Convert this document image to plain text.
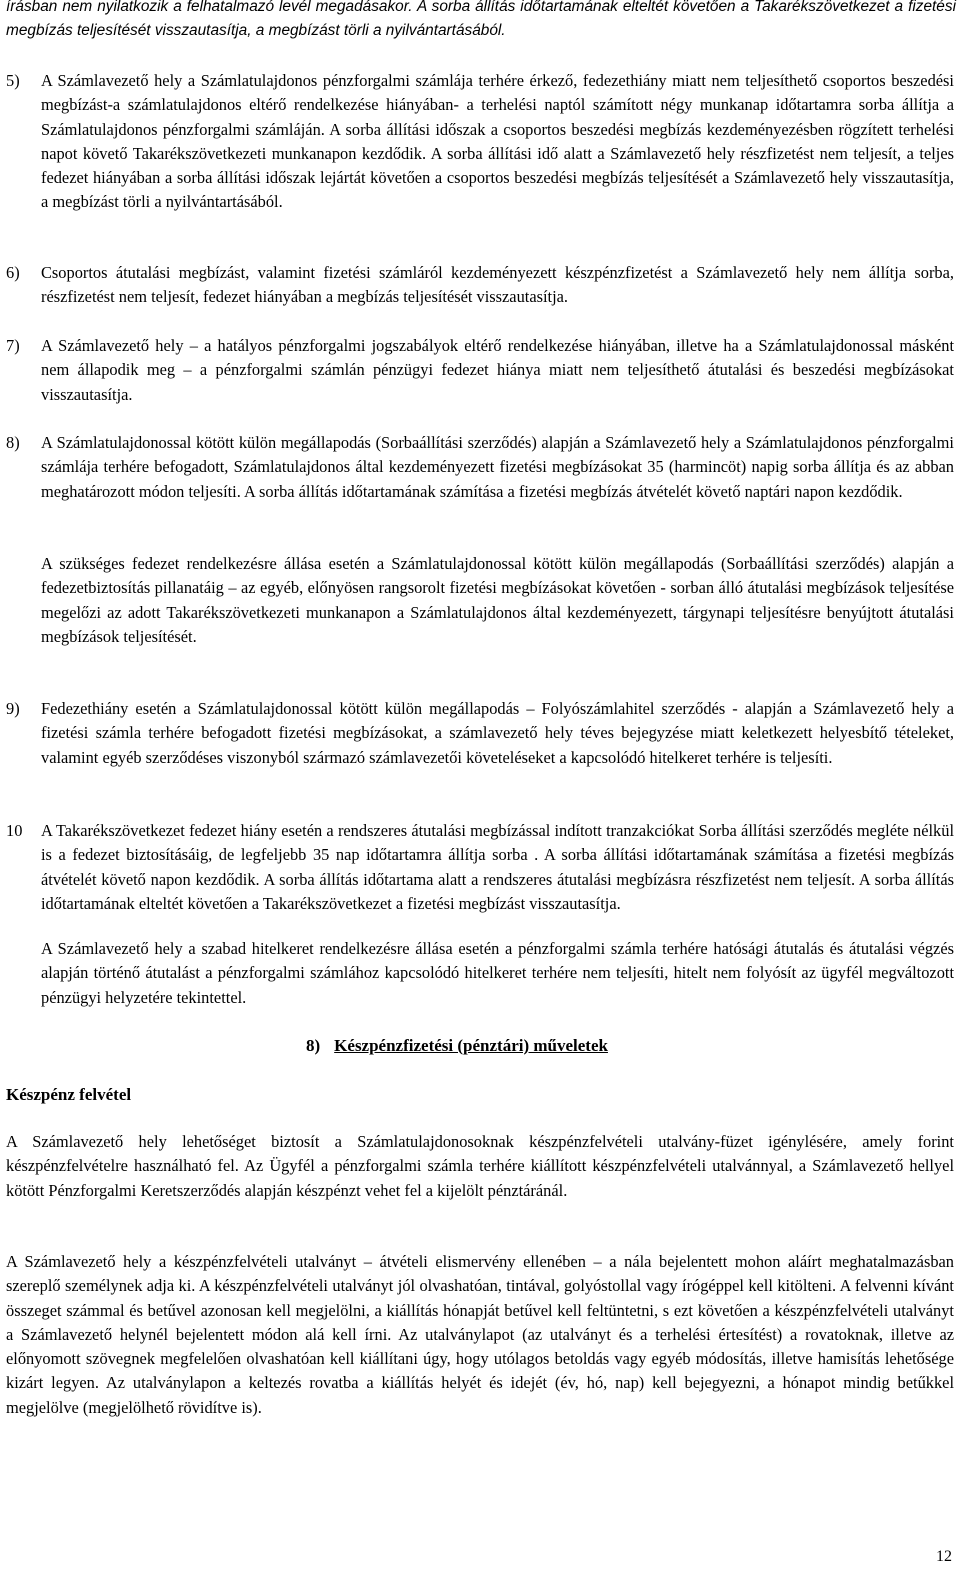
írásban nem nyilatkozik a felhatalmazó levél megadásakor. A sorba állítás időtartamának elteltét követően a Takarékszövetkezet a fizetési megbízás teljesítését visszautasítja, a megbízást törli a nyilvántartásából.

5) A Számlavezető hely a Számlatulajdonos pénzforgalmi számlája terhére érkező, fedezethiány miatt nem teljesíthető csoportos beszedési megbízást-a számlatulajdonos eltérő rendelkezése hiányában- a terhelési naptól számított négy munkanap időtartamra sorba állítja a Számlatulajdonos pénzforgalmi számláján. A sorba állítási időszak a csoportos beszedési megbízás kezdeményezésben rögzített terhelési napot követő Takarékszövetkezeti munkanapon kezdődik. A sorba állítási idő alatt a Számlavezető hely részfizetést nem teljesít, a teljes fedezet hiányában a sorba állítási időszak lejártát követően a csoportos beszedési megbízás teljesítését a Számlavezető hely visszautasítja, a megbízást törli a nyilvántartásából.

6) Csoportos átutalási megbízást, valamint fizetési számláról kezdeményezett készpénzfizetést a Számlavezető hely nem állítja sorba, részfizetést nem teljesít, fedezet hiányában a megbízás teljesítését visszautasítja.

7) A Számlavezető hely – a hatályos pénzforgalmi jogszabályok eltérő rendelkezése hiányában, illetve ha a Számlatulajdonossal másként nem állapodik meg – a pénzforgalmi számlán pénzügyi fedezet hiánya miatt nem teljesíthető átutalási és beszedési megbízásokat visszautasítja.

8) A Számlatulajdonossal kötött külön megállapodás (Sorbaállítási szerződés) alapján a Számlavezető hely a Számlatulajdonos pénzforgalmi számlája terhére befogadott, Számlatulajdonos által kezdeményezett fizetési megbízásokat 35 (harmincöt) napig sorba állítja és az abban meghatározott módon teljesíti. A sorba állítás időtartamának számítása a fizetési megbízás átvételét követő naptári napon kezdődik.

A szükséges fedezet rendelkezésre állása esetén a Számlatulajdonossal kötött külön megállapodás (Sorbaállítási szerződés) alapján a fedezetbiztosítás pillanatáig – az egyéb, előnyösen rangsorolt fizetési megbízásokat követően - sorban álló átutalási megbízások teljesítése megelőzi az adott Takarékszövetkezeti munkanapon a Számlatulajdonos által kezdeményezett, tárgynapi teljesítésre benyújtott átutalási megbízások teljesítését.

9) Fedezethiány esetén a Számlatulajdonossal kötött külön megállapodás – Folyószámlahitel szerződés - alapján a Számlavezető hely a fizetési számla terhére befogadott fizetési megbízásokat, a számlavezető hely téves bejegyzése miatt keletkezett helyesbítő tételeket, valamint egyéb szerződéses viszonyból származó számlavezetői követeléseket a kapcsolódó hitelkeret terhére is teljesíti.

10 A Takarékszövetkezet fedezet hiány esetén a rendszeres átutalási megbízással indított tranzakciókat Sorba állítási szerződés megléte nélkül is a fedezet biztosításáig, de legfeljebb 35 nap időtartamra állítja sorba . A sorba állítási időtartamának számítása a fizetési megbízás átvételét követő napon kezdődik. A sorba állítás időtartama alatt a rendszeres átutalási megbízásra részfizetést nem teljesít. A sorba állítás időtartamának elteltét követően a Takarékszövetkezet a fizetési megbízást visszautasítja.

A Számlavezető hely a szabad hitelkeret rendelkezésre állása esetén a pénzforgalmi számla terhére hatósági átutalás és átutalási végzés alapján történő átutalást a pénzforgalmi számlához kapcsolódó hitelkeret terhére nem teljesíti, hitelt nem folyósít az ügyfél megváltozott pénzügyi helyzetére tekintettel.

8) Készpénzfizetési (pénztári) műveletek
Készpénz felvétel

A Számlavezető hely lehetőséget biztosít a Számlatulajdonosoknak készpénzfelvételi utalvány-füzet igénylésére, amely forint készpénzfelvételre használható fel. Az Ügyfél a pénzforgalmi számla terhére kiállított készpénzfelvételi utalvánnyal, a Számlavezető hellyel kötött Pénzforgalmi Keretszerződés alapján készpénzt vehet fel a kijelölt pénztáránál.

A Számlavezető hely a készpénzfelvételi utalványt – átvételi elismervény ellenében – a nála bejelentett mohon aláírt meghatalmazásban szereplő személynek adja ki. A készpénzfelvételi utalványt jól olvashatóan, tintával, golyóstollal vagy írógéppel kell kitölteni. A felvenni kívánt összeget számmal és betűvel azonosan kell megjelölni, a kiállítás hónapját betűvel kell feltüntetni, s ezt követően a készpénzfelvételi utalványt a Számlavezető helynél bejelentett módon alá kell írni. Az utalványlapot (az utalványt és a terhelési értesítést) a rovatoknak, illetve az előnyomott szövegnek megfelelően olvashatóan kell kiállítani úgy, hogy utólagos betoldás vagy egyéb módosítás, illetve hamisítás lehetősége kizárt legyen. Az utalványlapon a keltezés rovatba a kiállítás helyét és idejét (év, hó, nap) kell bejegyezni, a hónapot mindig betűkkel megjelölve (megjelölhető rövidítve is).

12
